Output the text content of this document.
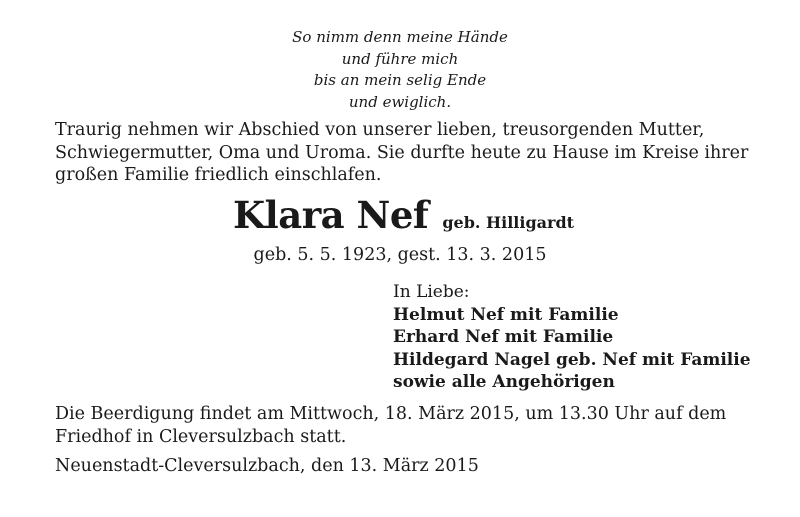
So nimm denn meine Hände
und führe mich
bis an mein selig Ende
und ewiglich.
Traurig nehmen wir Abschied von unserer lieben, treusorgenden Mutter,
Schwiegermutter, Oma und Uroma. Sie durfte heute zu Hause im Kreise ihrer
großen Familie friedlich einschlafen.
Klara Nef geb. Hilligardt
geb. 5. 5. 1923, gest. 13. 3. 2015
In Liebe:
Helmut Nef mit Familie
Erhard Nef mit Familie
Hildegard Nagel geb. Nef mit Familie
sowie alle Angehörigen
Die Beerdigung findet am Mittwoch, 18. März 2015, um 13.30 Uhr auf dem
Friedhof in Cleversulzbach statt.
Neuenstadt-Cleversulzbach, den 13. März 2015
